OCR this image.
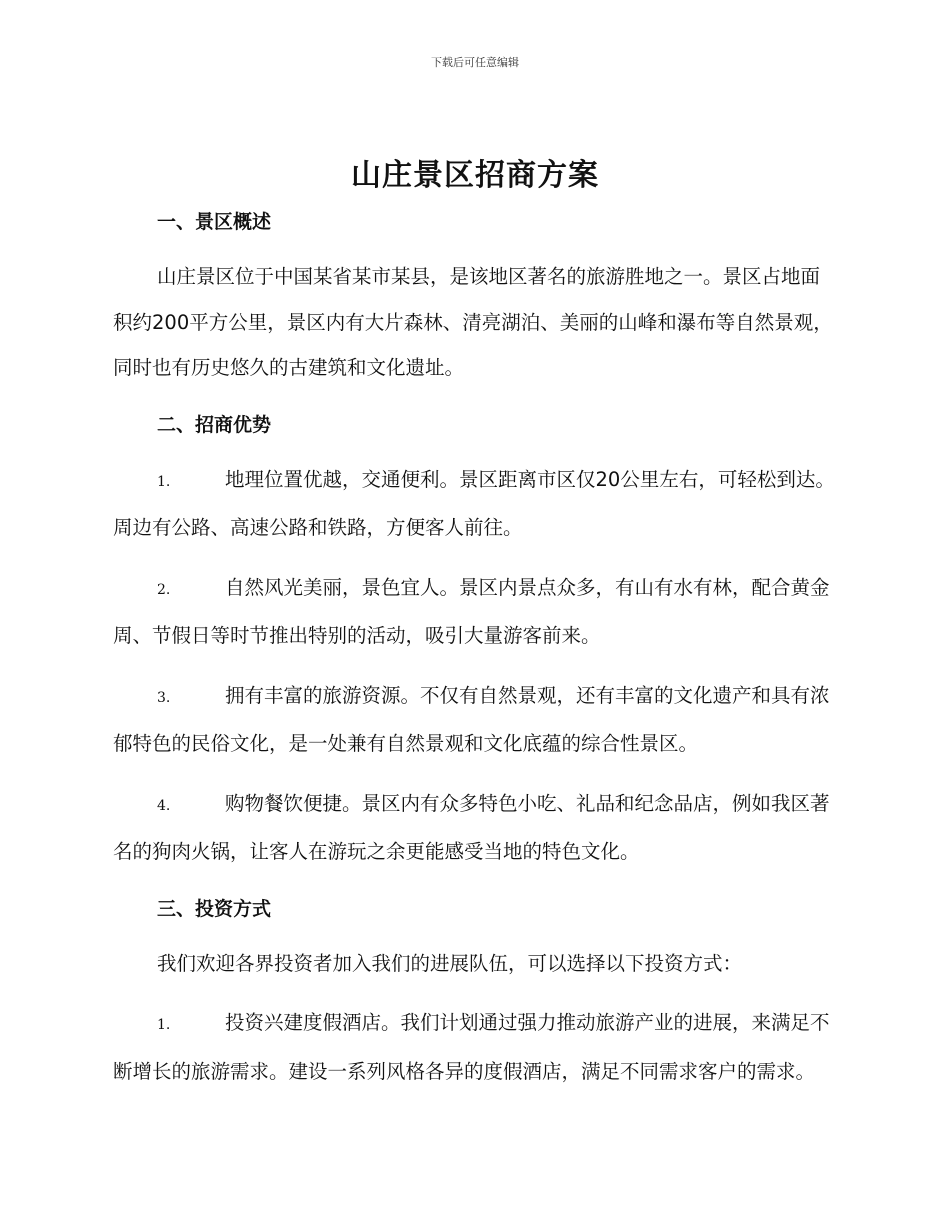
下载后可任意编辑
山庄景区招商方案
一、景区概述

山庄景区位于中国某省某市某县，是该地区著名的旅游胜地之一。景区占地面积约200平方公里，景区内有大片森林、清亮湖泊、美丽的山峰和瀑布等自然景观，同时也有历史悠久的古建筑和文化遗址。

二、招商优势

1.	地理位置优越，交通便利。景区距离市区仅20公里左右，可轻松到达。周边有公路、高速公路和铁路，方便客人前往。

2.	自然风光美丽，景色宜人。景区内景点众多，有山有水有林，配合黄金周、节假日等时节推出特别的活动，吸引大量游客前来。

3.	拥有丰富的旅游资源。不仅有自然景观，还有丰富的文化遗产和具有浓郁特色的民俗文化，是一处兼有自然景观和文化底蕴的综合性景区。

4.	购物餐饮便捷。景区内有众多特色小吃、礼品和纪念品店，例如我区著名的狗肉火锅，让客人在游玩之余更能感受当地的特色文化。

三、投资方式

我们欢迎各界投资者加入我们的进展队伍，可以选择以下投资方式：

1.	投资兴建度假酒店。我们计划通过强力推动旅游产业的进展，来满足不断增长的旅游需求。建设一系列风格各异的度假酒店，满足不同需求客户的需求。
